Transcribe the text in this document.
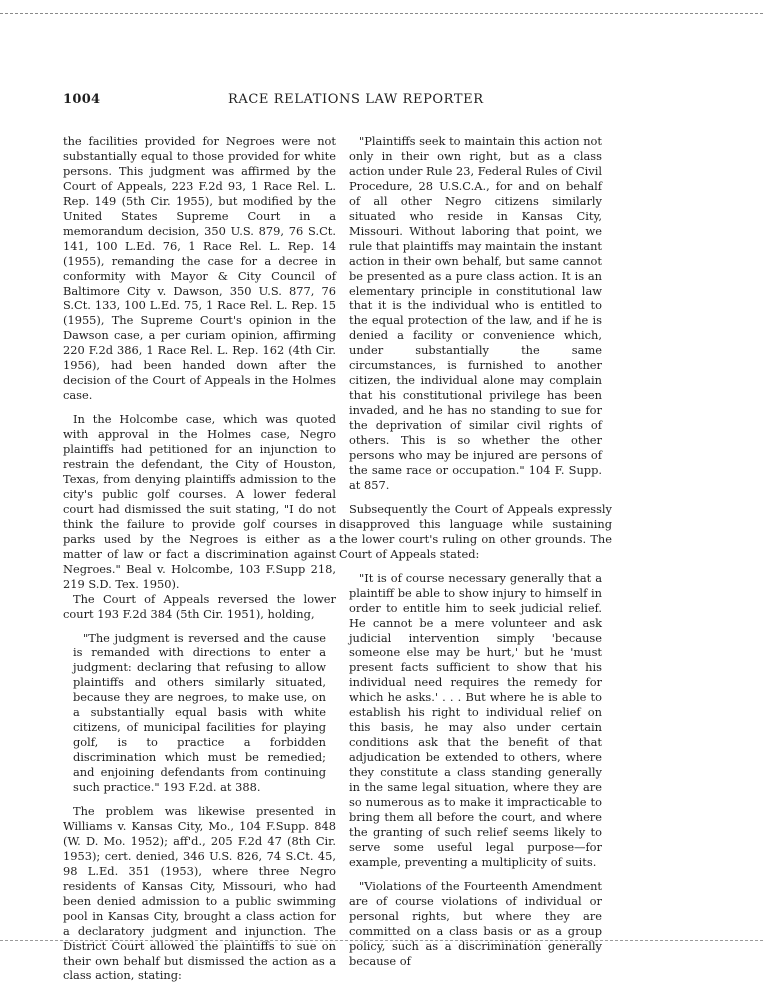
1004	RACE RELATIONS LAW REPORTER

the facilities provided for Negroes were not substantially equal to those provided for white persons. This judgment was affirmed by the Court of Appeals, 223 F.2d 93, 1 Race Rel. L. Rep. 149 (5th Cir. 1955), but modified by the United States Supreme Court in a memorandum decision, 350 U.S. 879, 76 S.Ct. 141, 100 L.Ed. 76, 1 Race Rel. L. Rep. 14 (1955), remanding the case for a decree in conformity with Mayor & City Council of Baltimore City v. Dawson, 350 U.S. 877, 76 S.Ct. 133, 100 L.Ed. 75, 1 Race Rel. L. Rep. 15 (1955), The Supreme Court's opinion in the Dawson case, a per curiam opinion, affirming 220 F.2d 386, 1 Race Rel. L. Rep. 162 (4th Cir. 1956), had been handed down after the decision of the Court of Appeals in the Holmes case.

In the Holcombe case, which was quoted with approval in the Holmes case, Negro plaintiffs had petitioned for an injunction to restrain the defendant, the City of Houston, Texas, from denying plaintiffs admission to the city's public golf courses. A lower federal court had dismissed the suit stating, "I do not think the failure to provide golf courses in parks used by the Negroes is either as a matter of law or fact a discrimination against Negroes." Beal v. Holcombe, 103 F.Supp 218, 219 S.D. Tex. 1950).

The Court of Appeals reversed the lower court 193 F.2d 384 (5th Cir. 1951), holding,

"The judgment is reversed and the cause is remanded with directions to enter a judgment: declaring that refusing to allow plaintiffs and others similarly situated, because they are negroes, to make use, on a substantially equal basis with white citizens, of municipal facilities for playing golf, is to practice a forbidden discrimination which must be remedied; and enjoining defendants from continuing such practice." 193 F.2d. at 388.

The problem was likewise presented in Williams v. Kansas City, Mo., 104 F.Supp. 848 (W. D. Mo. 1952); aff'd., 205 F.2d 47 (8th Cir. 1953); cert. denied, 346 U.S. 826, 74 S.Ct. 45, 98 L.Ed. 351 (1953), where three Negro residents of Kansas City, Missouri, who had been denied admission to a public swimming pool in Kansas City, brought a class action for a declaratory judgment and injunction. The District Court allowed the plaintiffs to sue on their own behalf but dismissed the action as a class action, stating:

"Plaintiffs seek to maintain this action not only in their own right, but as a class action under Rule 23, Federal Rules of Civil Procedure, 28 U.S.C.A., for and on behalf of all other Negro citizens similarly situated who reside in Kansas City, Missouri. Without laboring that point, we rule that plaintiffs may maintain the instant action in their own behalf, but same cannot be presented as a pure class action. It is an elementary principle in constitutional law that it is the individual who is entitled to the equal protection of the law, and if he is denied a facility or convenience which, under substantially the same circumstances, is furnished to another citizen, the individual alone may complain that his constitutional privilege has been invaded, and he has no standing to sue for the deprivation of similar civil rights of others. This is so whether the other persons who may be injured are persons of the same race or occupation." 104 F. Supp. at 857.

Subsequently the Court of Appeals expressly disapproved this language while sustaining the lower court's ruling on other grounds. The Court of Appeals stated:

"It is of course necessary generally that a plaintiff be able to show injury to himself in order to entitle him to seek judicial relief. He cannot be a mere volunteer and ask judicial intervention simply 'because someone else may be hurt,' but he 'must present facts sufficient to show that his individual need requires the remedy for which he asks.' . . . But where he is able to establish his right to individual relief on this basis, he may also under certain conditions ask that the benefit of that adjudication be extended to others, where they constitute a class standing generally in the same legal situation, where they are so numerous as to make it impracticable to bring them all before the court, and where the granting of such relief seems likely to serve some useful legal purpose—for example, preventing a multiplicity of suits.

"Violations of the Fourteenth Amendment are of course violations of individual or personal rights, but where they are committed on a class basis or as a group policy, such as a discrimination generally because of
